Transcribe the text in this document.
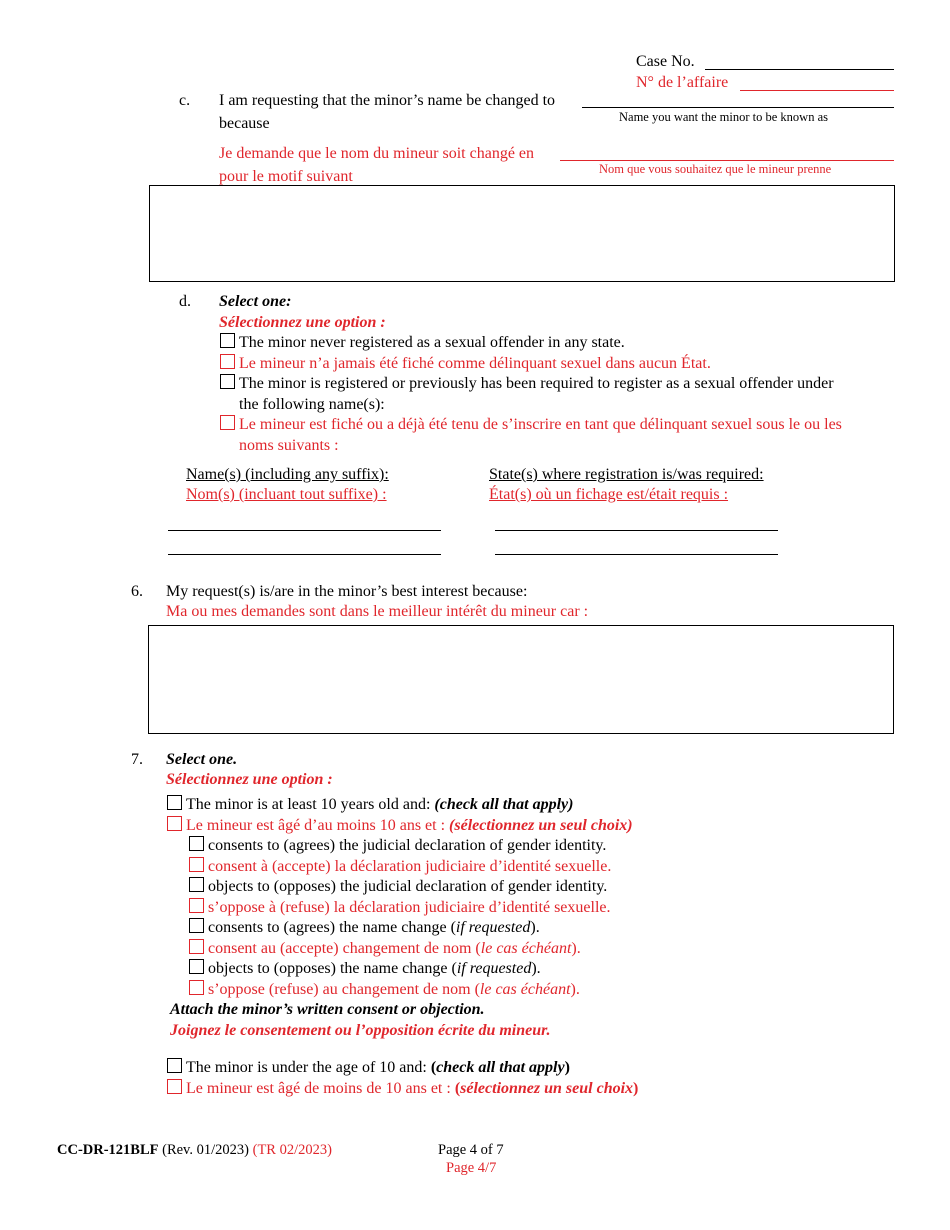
Case No.
N° de l’affaire
c. I am requesting that the minor’s name be changed to
Name you want the minor to be known as
because
Je demande que le nom du mineur soit changé en
Nom que vous souhaitez que le mineur prenne
pour le motif suivant
d. Select one:
Sélectionnez une option :
The minor never registered as a sexual offender in any state.
Le mineur n’a jamais été fiché comme délinquant sexuel dans aucun État.
The minor is registered or previously has been required to register as a sexual offender under
the following name(s):
Le mineur est fiché ou a déjà été tenu de s’inscrire en tant que délinquant sexuel sous le ou les
noms suivants :
Name(s) (including any suffix):
Nom(s) (incluant tout suffixe) :
State(s) where registration is/was required:
État(s) où un fichage est/était requis :
6. My request(s) is/are in the minor’s best interest because:
Ma ou mes demandes sont dans le meilleur intérêt du mineur car :
7. Select one.
Sélectionnez une option :
The minor is at least 10 years old and: (check all that apply)
Le mineur est âgé d’au moins 10 ans et : (sélectionnez un seul choix)
consents to (agrees) the judicial declaration of gender identity.
consent à (accepte) la déclaration judiciaire d’identité sexuelle.
objects to (opposes) the judicial declaration of gender identity.
s’oppose à (refuse) la déclaration judiciaire d’identité sexuelle.
consents to (agrees) the name change (if requested).
consent au (accepte) changement de nom (le cas échéant).
objects to (opposes) the name change (if requested).
s’oppose (refuse) au changement de nom (le cas échéant).
Attach the minor’s written consent or objection.
Joignez le consentement ou l’opposition écrite du mineur.
The minor is under the age of 10 and: (check all that apply)
Le mineur est âgé de moins de 10 ans et : (sélectionnez un seul choix)
CC-DR-121BLF (Rev. 01/2023) (TR 02/2023)	Page 4 of 7
Page 4/7
